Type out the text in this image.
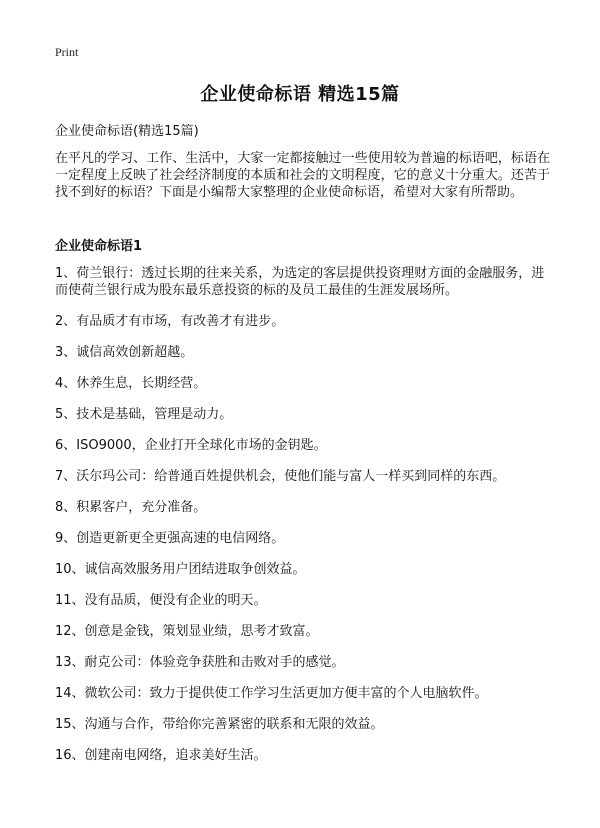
Print
企业使命标语 精选15篇
企业使命标语(精选15篇)
在平凡的学习、工作、生活中，大家一定都接触过一些使用较为普遍的标语吧，标语在一定程度上反映了社会经济制度的本质和社会的文明程度，它的意义十分重大。还苦于找不到好的标语？下面是小编帮大家整理的企业使命标语，希望对大家有所帮助。
企业使命标语1
1、荷兰银行：透过长期的往来关系，为选定的客层提供投资理财方面的金融服务，进而使荷兰银行成为股东最乐意投资的标的及员工最佳的生涯发展场所。
2、有品质才有市场，有改善才有进步。
3、诚信高效创新超越。
4、休养生息，长期经营。
5、技术是基础，管理是动力。
6、ISO9000，企业打开全球化市场的金钥匙。
7、沃尔玛公司：给普通百姓提供机会，使他们能与富人一样买到同样的东西。
8、积累客户，充分准备。
9、创造更新更全更强高速的电信网络。
10、诚信高效服务用户团结进取争创效益。
11、没有品质，便没有企业的明天。
12、创意是金钱，策划显业绩，思考才致富。
13、耐克公司：体验竞争获胜和击败对手的感觉。
14、微软公司：致力于提供使工作学习生活更加方便丰富的个人电脑软件。
15、沟通与合作，带给你完善紧密的联系和无限的效益。
16、创建南电网络，追求美好生活。
